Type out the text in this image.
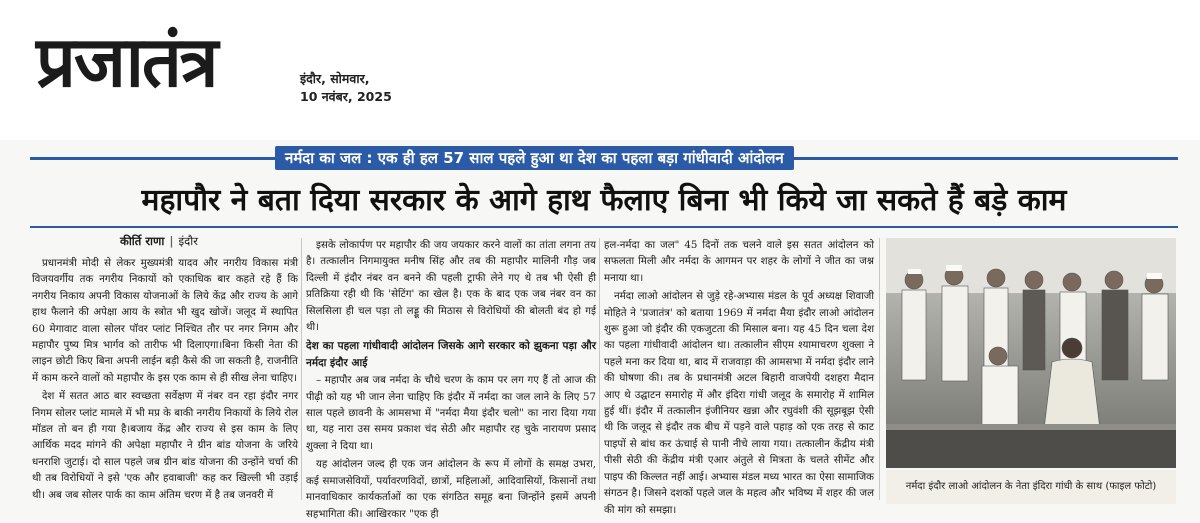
प्रजातंत्र	इंदौर, सोमवार,
10 नवंबर, 2025
नर्मदा का जल : एक ही हल 57 साल पहले हुआ था देश का पहला बड़ा गांधीवादी आंदोलन
महापौर ने बता दिया सरकार के आगे हाथ फैलाए बिना भी किये जा सकते हैं बड़े काम
कीर्ति राणा | इंदौर

प्रधानमंत्री मोदी से लेकर मुख्यमंत्री यादव और नगरीय विकास मंत्री विजयवर्गीय तक नगरीय निकायों को एकाधिक बार कहते रहे हैं कि नगरीय निकाय अपनी विकास योजनाओं के लिये केंद्र और राज्य के आगे हाथ फैलाने की अपेक्षा आय के स्त्रोत भी खुद खोजें। जलूद में स्थापित 60 मेगावाट वाला सोलर पॉवर प्लांट निश्चित तौर पर नगर निगम और महापौर पुष्य मित्र भार्गव को तारीफ भी दिलाएगा।बिना किसी नेता की लाइन छोटी किए बिना अपनी लाईन बड़ी कैसे की जा सकती है, राजनीति में काम करने वालों को महापौर के इस एक काम से ही सीख लेना चाहिए।

देश में सतत आठ बार स्वच्छता सर्वेक्षण में नंबर वन रहा इंदौर नगर निगम सोलर प्लांट मामले में भी मप्र के बाकी नगरीय निकायों के लिये रोल मॉडल तो बन ही गया है।बजाय केंद्र और राज्य से इस काम के लिए आर्थिक मदद मांगने की अपेक्षा महापौर ने ग्रीन बांड योजना के जरिये धनराशि जुटाई। दो साल पहले जब ग्रीन बांड योजना की उन्होंने चर्चा की थी तब विरोधियों ने इसे 'एक और हवाबाजी' कह कर खिल्ली भी उड़ाई थी। अब जब सोलर पार्क का काम अंतिम चरण में है तब जनवरी में

इसके लोकार्पण पर महापौर की जय जयकार करने वालों का तांता लगना तय है। तत्कालीन निगमायुक्त मनीष सिंह और तब की महापौर मालिनी गौड़ जब दिल्ली में इंदौर नंबर वन बनने की पहली ट्राफी लेने गए थे तब भी ऐसी ही प्रतिक्रिया रही थी कि 'सेटिंग' का खेल है। एक के बाद एक जब नंबर वन का सिलसिला ही चल पड़ा तो लड्डू की मिठास से विरोधियों की बोलती बंद हो गई थी।

देश का पहला गांधीवादी आंदोलन जिसके आगे सरकार को झुकना पड़ा और नर्मदा इंदौर आई

– महापौर अब जब नर्मदा के चौथे चरण के काम पर लग गए हैं तो आज की पीढ़ी को यह भी जान लेना चाहिए कि इंदौर में नर्मदा का जल लाने के लिए 57 साल पहले छावनी के आमसभा में "नर्मदा मैया इंदौर चलो" का नारा दिया गया था, यह नारा उस समय प्रकाश चंद सेठी और महापौर रह चुके नारायण प्रसाद शुक्ला ने दिया था।

यह आंदोलन जल्द ही एक जन आंदोलन के रूप में लोगों के समक्ष उभरा, कई समाजसेवियों, पर्यावरणविदों, छात्रों, महिलाओं, आदिवासियों, किसानों तथा मानवाधिकार कार्यकर्ताओं का एक संगठित समूह बना जिन्होंने इसमें अपनी सहभागिता की। आखिरकार "एक ही

हल-नर्मदा का जल" 45 दिनों तक चलने वाले इस सतत आंदोलन को सफलता मिली और नर्मदा के आगमन पर शहर के लोगों ने जीत का जश्न मनाया था।

नर्मदा लाओ आंदोलन से जुड़े रहे-अभ्यास मंडल के पूर्व अध्यक्ष शिवाजी मोहिते ने 'प्रजातंत्र' को बताया 1969 में नर्मदा मैया इंदौर लाओ आंदोलन शुरू हुआ जो इंदौर की एकजुटता की मिसाल बना। यह 45 दिन चला देश का पहला गांधीवादी आंदोलन था। तत्कालीन सीएम श्यामाचरण शुक्ला ने पहले मना कर दिया था, बाद में राजवाड़ा की आमसभा में नर्मदा इंदौर लाने की घोषणा की। तब के प्रधानमंत्री अटल बिहारी वाजपेयी दशहरा मैदान आए थे उद्घाटन समारोह में और इंदिरा गांधी जलूद के समारोह में शामिल हुई थीं। इंदौर में तत्कालीन इंजीनियर खन्ना और रघुवंशी की सूझबूझ ऐसी थी कि जलूद से इंदौर तक बीच में पड़ने वाले पहाड़ को एक तरह से काट पाइपों से बांध कर ऊंचाई से पानी नीचे लाया गया। तत्कालीन केंद्रीय मंत्री पीसी सेठी की केंद्रीय मंत्री एआर अंतुले से मित्रता के चलते सीमेंट और पाइप की किल्लत नहीं आई। अभ्यास मंडल मध्य भारत का ऐसा सामाजिक संगठन है। जिसने दशकों पहले जल के महत्व और भविष्य में शहर की जल की मांग को समझा।

नर्मदा इंदौर लाओ आंदोलन के नेता इंदिरा गांधी के साथ (फाइल फोटो)
